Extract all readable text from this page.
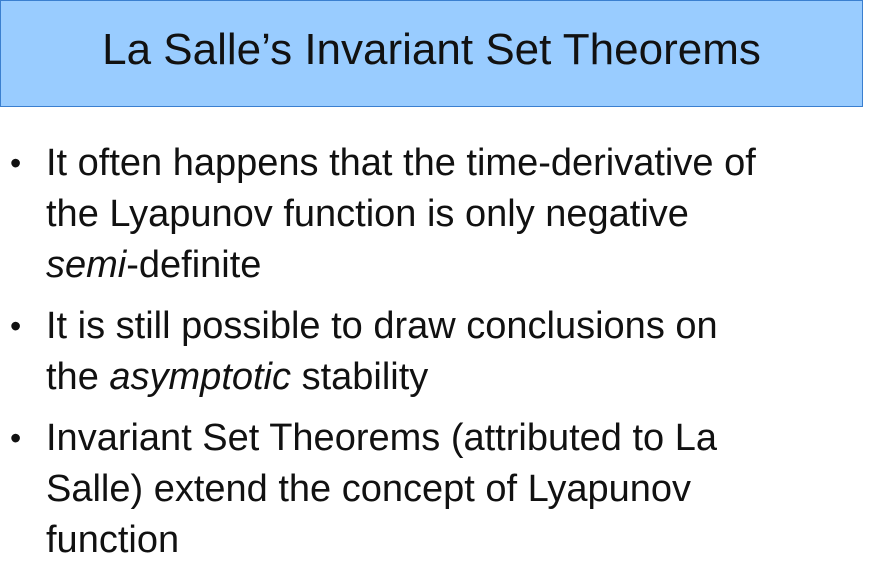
La Salle’s Invariant Set Theorems
• It often happens that the time-derivative of
the Lyapunov function is only negative
semi-definite
• It is still possible to draw conclusions on
the asymptotic stability
• Invariant Set Theorems (attributed to La
Salle) extend the concept of Lyapunov
function
